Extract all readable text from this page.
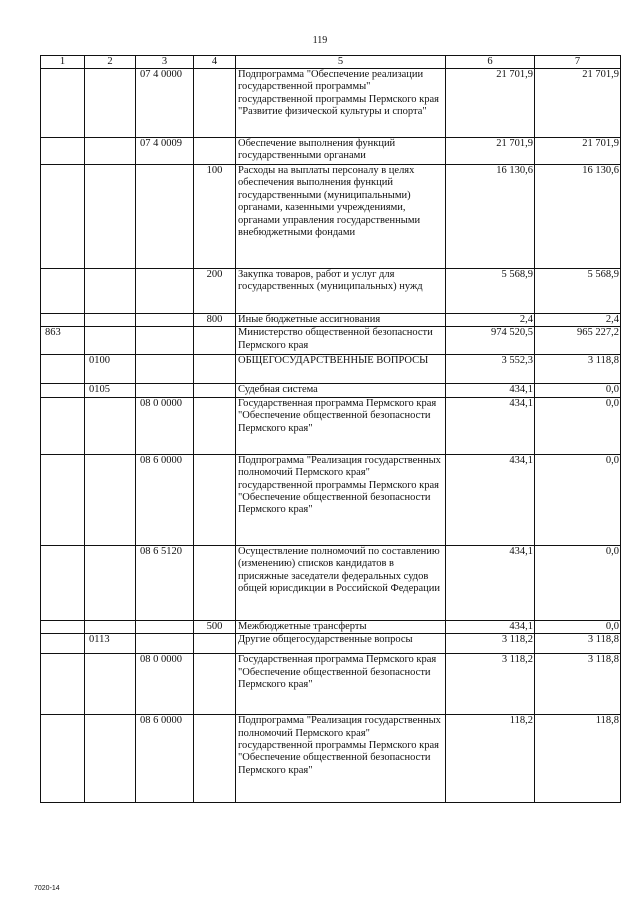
119
1	2	3	4	5	6	7
		07 4 0000		Подпрограмма "Обеспечение реализации государственной программы" государственной программы Пермского края "Развитие физической культуры и спорта"	21 701,9	21 701,9
		07 4 0009		Обеспечение выполнения функций государственными органами	21 701,9	21 701,9
			100	Расходы на выплаты персоналу в целях обеспечения выполнения функций государственными (муниципальными) органами, казенными учреждениями, органами управления государственными внебюджетными фондами	16 130,6	16 130,6
			200	Закупка товаров, работ и услуг для государственных (муниципальных) нужд	5 568,9	5 568,9
			800	Иные бюджетные ассигнования	2,4	2,4
863				Министерство общественной безопасности Пермского края	974 520,5	965 227,2
	0100			ОБЩЕГОСУДАРСТВЕННЫЕ ВОПРОСЫ	3 552,3	3 118,8
	0105			Судебная система	434,1	0,0
		08 0 0000		Государственная программа Пермского края "Обеспечение общественной безопасности Пермского края"	434,1	0,0
		08 6 0000		Подпрограмма "Реализация государственных полномочий Пермского края" государственной программы Пермского края "Обеспечение общественной безопасности Пермского края"	434,1	0,0
		08 6 5120		Осуществление полномочий по составлению (изменению) списков кандидатов в присяжные заседатели федеральных судов общей юрисдикции в Российской Федерации	434,1	0,0
			500	Межбюджетные трансферты	434,1	0,0
	0113			Другие общегосударственные вопросы	3 118,2	3 118,8
		08 0 0000		Государственная программа Пермского края "Обеспечение общественной безопасности Пермского края"	3 118,2	3 118,8
		08 6 0000		Подпрограмма "Реализация государственных полномочий Пермского края" государственной программы Пермского края "Обеспечение общественной безопасности Пермского края"	118,2	118,8
7020-14
